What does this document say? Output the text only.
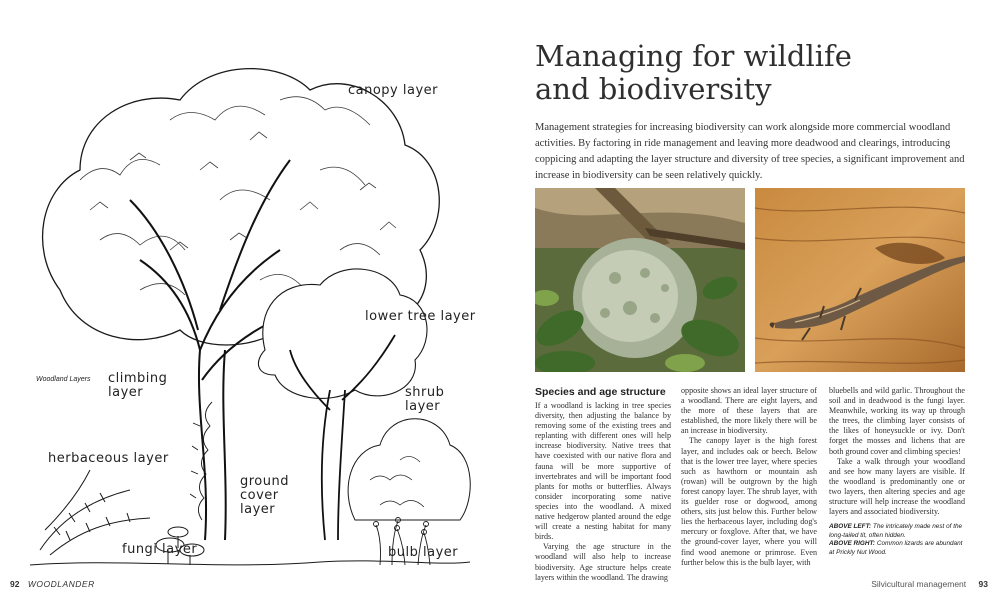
canopy layer
lower tree layer
climbing layer	shrub layer
herbaceous layer
ground cover layer
fungi layer	bulb layer
Woodland Layers
92 WOODLANDER
Managing for wildlife
and biodiversity

Management strategies for increasing biodiversity can work alongside more commercial woodland activities. By factoring in ride management and leaving more deadwood and clearings, introducing coppicing and adapting the layer structure and diversity of tree species, a significant improvement and increase in biodiversity can be seen relatively quickly.

Species and age structure

If a woodland is lacking in tree species diversity, then adjusting the balance by removing some of the existing trees and replanting with different ones will help increase biodiversity. Native trees that have coexisted with our native flora and fauna will be more supportive of invertebrates and will be important food plants for moths or butterflies. Always consider incorporating some native species into the woodland. A mixed native hedgerow planted around the edge will create a nesting habitat for many birds.

Varying the age structure in the woodland will also help to increase biodiversity. Age structure helps create layers within the woodland. The drawing

opposite shows an ideal layer structure of a woodland. There are eight layers, and the more of these layers that are established, the more likely there will be an increase in biodiversity.

The canopy layer is the high forest layer, and includes oak or beech. Below that is the lower tree layer, where species such as hawthorn or mountain ash (rowan) will be outgrown by the high forest canopy layer. The shrub layer, with its guelder rose or dogwood, among others, sits just below this. Further below lies the herbaceous layer, including dog's mercury or foxglove. After that, we have the ground-cover layer, where you will find wood anemone or primrose. Even further below this is the bulb layer, with

bluebells and wild garlic. Throughout the soil and in deadwood is the fungi layer. Meanwhile, working its way up through the trees, the climbing layer consists of the likes of honeysuckle or ivy. Don't forget the mosses and lichens that are both ground cover and climbing species!

Take a walk through your woodland and see how many layers are visible. If the woodland is predominantly one or two layers, then altering species and age structure will help increase the woodland layers and associated biodiversity.

ABOVE LEFT: The intricately made nest of the long-tailed tit, often hidden.
ABOVE RIGHT: Common lizards are abundant at Prickly Nut Wood.
Silvicultural management 93
